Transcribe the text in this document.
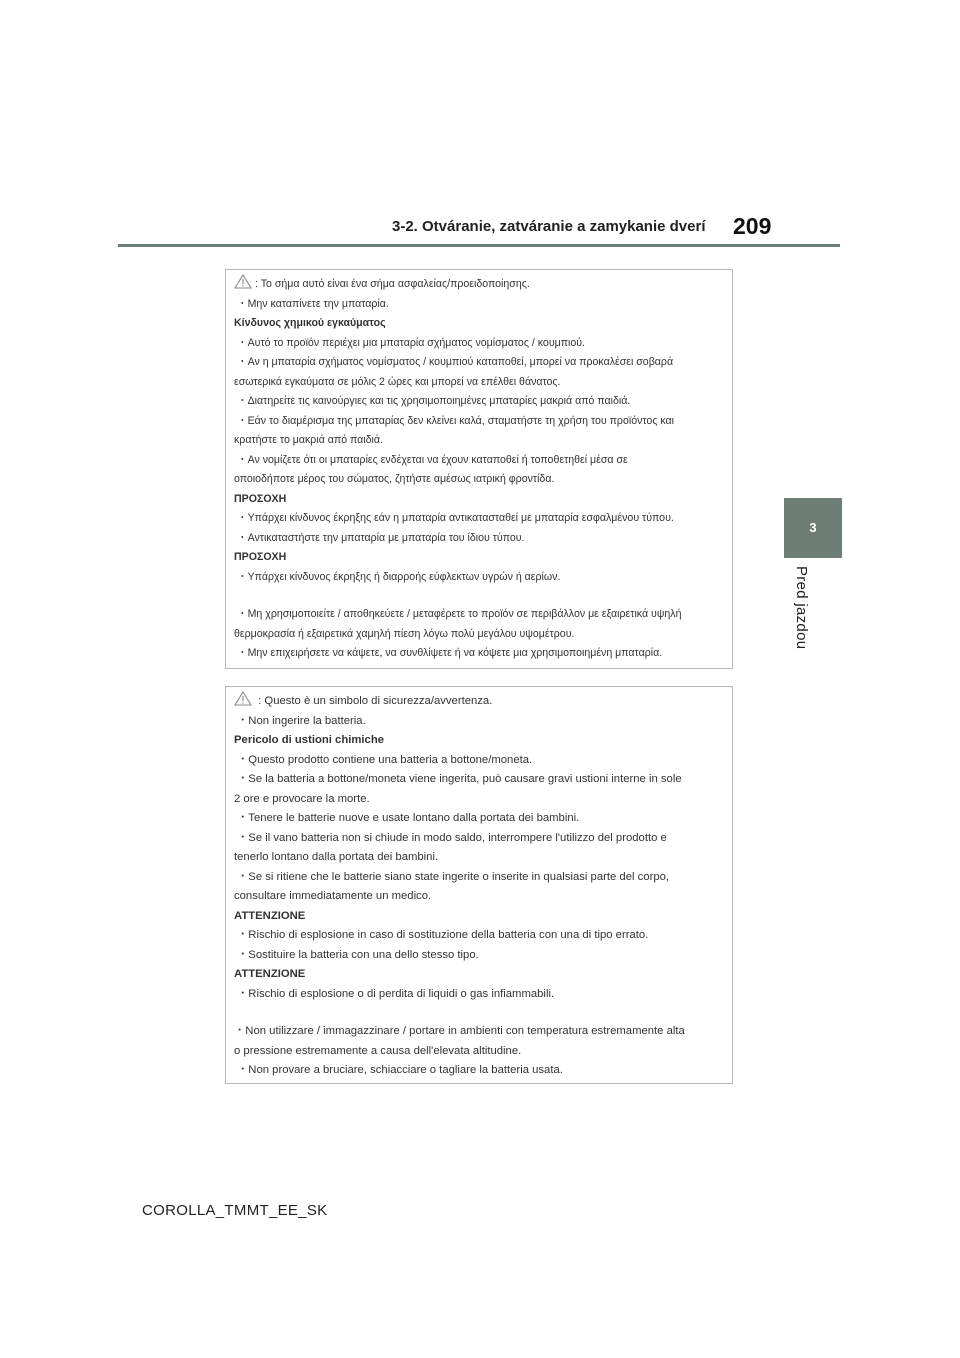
3-2. Otváranie, zatváranie a zamykanie dverí 209
3
Pred jazdou
: Το σήμα αυτό είναι ένα σήμα ασφαλείας/προειδοποίησης.
・Μην καταπίνετε την μπαταρία.
Κίνδυνος χημικού εγκαύματος
・Αυτό το προϊόν περιέχει μια μπαταρία σχήματος νομίσματος / κουμπιού.
・Αν η μπαταρία σχήματος νομίσματος / κουμπιού καταποθεί, μπορεί να προκαλέσει σοβαρά
εσωτερικά εγκαύματα σε μόλις 2 ώρες και μπορεί να επέλθει θάνατος.
・Διατηρείτε τις καινούργιες και τις χρησιμοποιημένες μπαταρίες μακριά από παιδιά.
・Εάν το διαμέρισμα της μπαταρίας δεν κλείνει καλά, σταματήστε τη χρήση του προϊόντος και
κρατήστε το μακριά από παιδιά.
・Αν νομίζετε ότι οι μπαταρίες ενδέχεται να έχουν καταποθεί ή τοποθετηθεί μέσα σε
οποιοδήποτε μέρος του σώματος, ζητήστε αμέσως ιατρική φροντίδα.
ΠΡΟΣΟΧΗ
・Υπάρχει κίνδυνος έκρηξης εάν η μπαταρία αντικατασταθεί με μπαταρία εσφαλμένου τύπου.
・Αντικαταστήστε την μπαταρία με μπαταρία του ίδιου τύπου.
ΠΡΟΣΟΧΗ
・Υπάρχει κίνδυνος έκρηξης ή διαρροής εύφλεκτων υγρών ή αερίων.
・Μη χρησιμοποιείτε / αποθηκεύετε / μεταφέρετε το προϊόν σε περιβάλλον με εξαιρετικά υψηλή
θερμοκρασία ή εξαιρετικά χαμηλή πίεση λόγω πολύ μεγάλου υψομέτρου.
・Μην επιχειρήσετε να κάψετε, να συνθλίψετε ή να κόψετε μια χρησιμοποιημένη μπαταρία.
: Questo è un simbolo di sicurezza/avvertenza.
・Non ingerire la batteria.
Pericolo di ustioni chimiche
・Questo prodotto contiene una batteria a bottone/moneta.
・Se la batteria a bottone/moneta viene ingerita, può causare gravi ustioni interne in sole
2 ore e provocare la morte.
・Tenere le batterie nuove e usate lontano dalla portata dei bambini.
・Se il vano batteria non si chiude in modo saldo, interrompere l'utilizzo del prodotto e
tenerlo lontano dalla portata dei bambini.
・Se si ritiene che le batterie siano state ingerite o inserite in qualsiasi parte del corpo,
consultare immediatamente un medico.
ATTENZIONE
・Rischio di esplosione in caso di sostituzione della batteria con una di tipo errato.
・Sostituire la batteria con una dello stesso tipo.
ATTENZIONE
・Rischio di esplosione o di perdita di liquidi o gas infiammabili.
・Non utilizzare / immagazzinare / portare in ambienti con temperatura estremamente alta
o pressione estremamente a causa dell'elevata altitudine.
・Non provare a bruciare, schiacciare o tagliare la batteria usata.
COROLLA_TMMT_EE_SK
